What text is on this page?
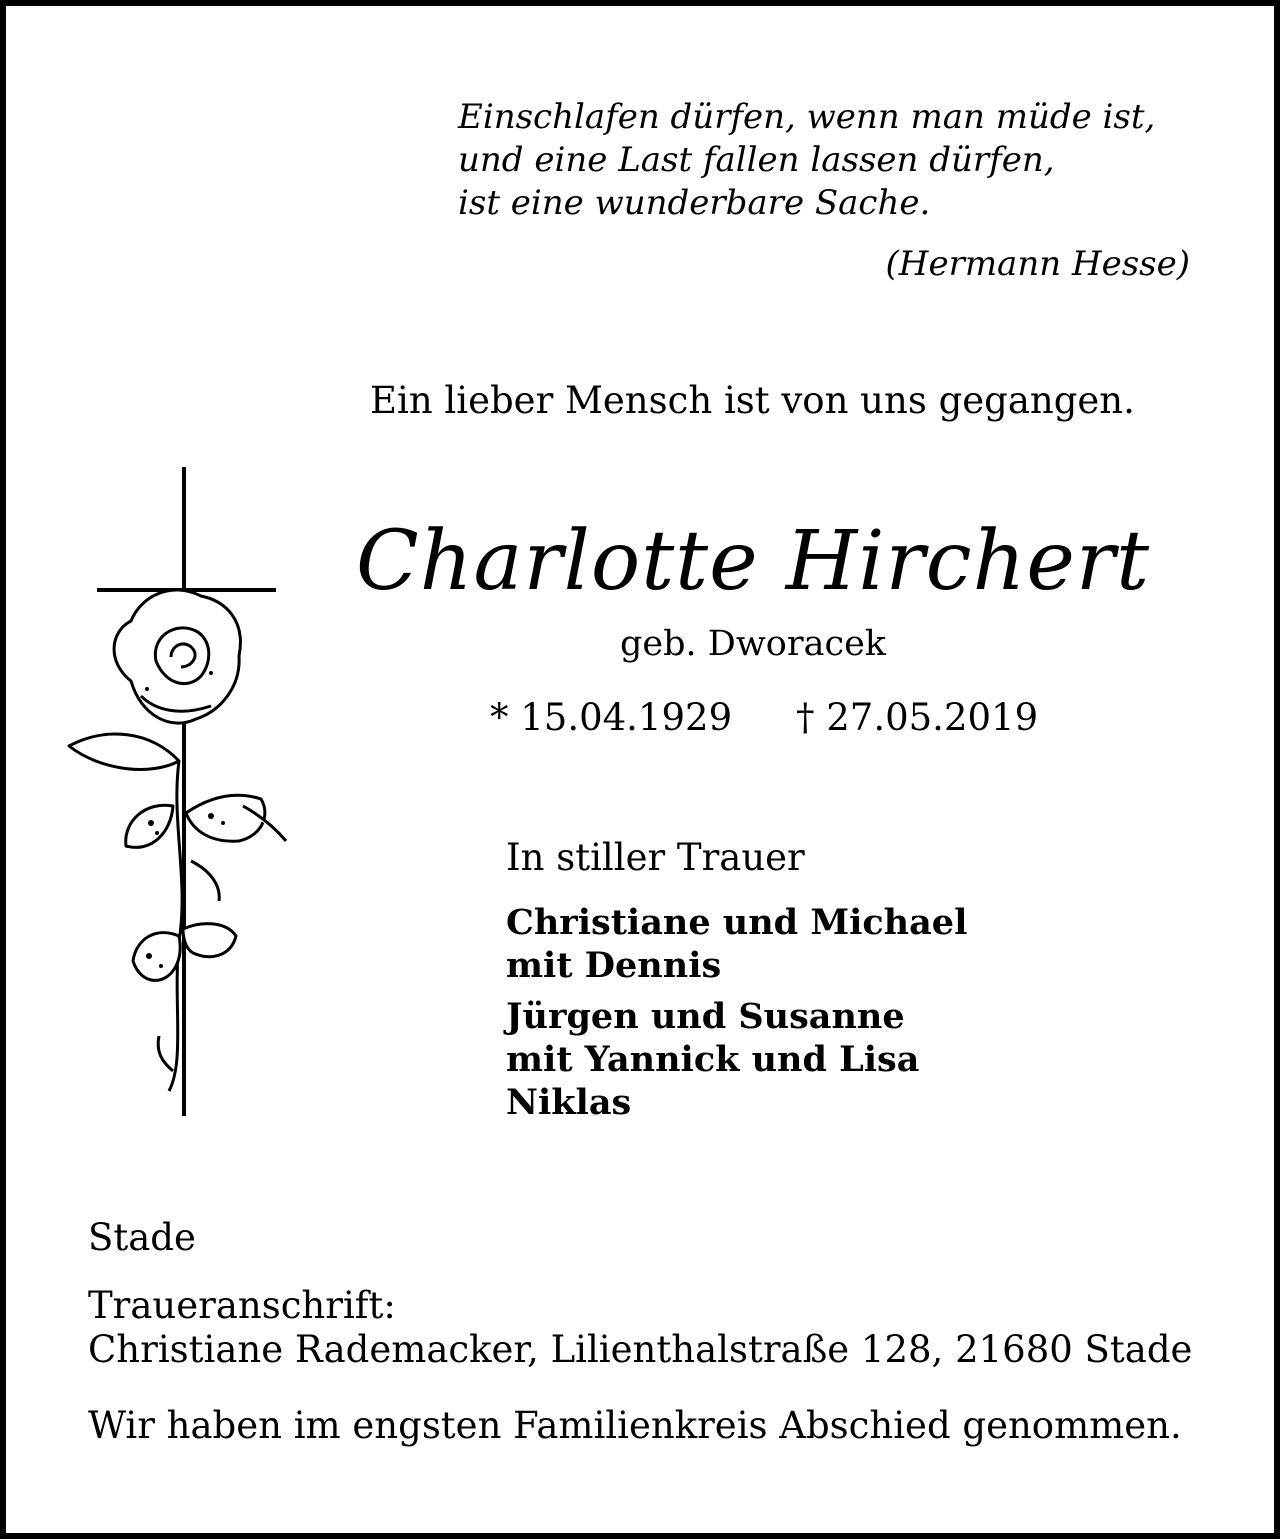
Einschlafen dürfen, wenn man müde ist,
und eine Last fallen lassen dürfen,
ist eine wunderbare Sache.
(Hermann Hesse)
Ein lieber Mensch ist von uns gegangen.
Charlotte Hirchert
geb. Dworacek
* 15.04.1929 † 27.05.2019
In stiller Trauer
Christiane und Michael
mit Dennis
Jürgen und Susanne
mit Yannick und Lisa
Niklas
Stade
Traueranschrift:
Christiane Rademacker, Lilienthalstraße 128, 21680 Stade
Wir haben im engsten Familienkreis Abschied genommen.
